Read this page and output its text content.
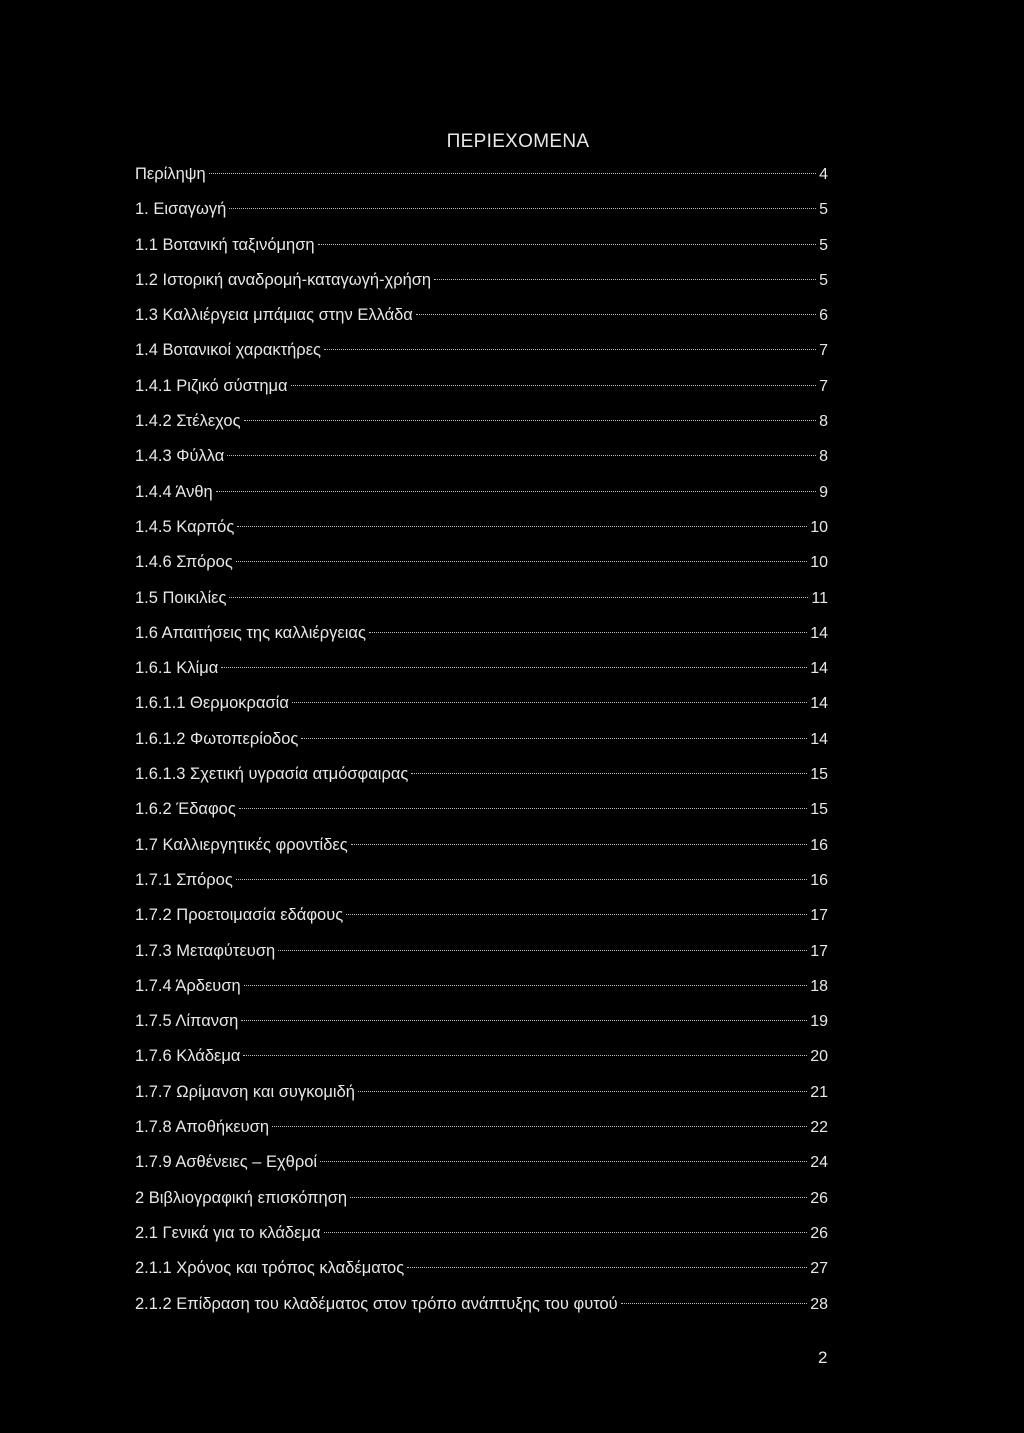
ΠΕΡΙΕΧΟΜΕΝΑ
Περίληψη	4
1. Εισαγωγή	5
1.1 Βοτανική ταξινόμηση	5
1.2 Ιστορική αναδρομή-καταγωγή-χρήση	5
1.3 Καλλιέργεια μπάμιας στην Ελλάδα	6
1.4 Βοτανικοί χαρακτήρες	7
1.4.1 Ριζικό σύστημα	7
1.4.2 Στέλεχος	8
1.4.3 Φύλλα	8
1.4.4 Άνθη	9
1.4.5 Καρπός	10
1.4.6 Σπόρος	10
1.5 Ποικιλίες	11
1.6 Απαιτήσεις της καλλιέργειας	14
1.6.1 Κλίμα	14
1.6.1.1 Θερμοκρασία	14
1.6.1.2 Φωτοπερίοδος	14
1.6.1.3 Σχετική υγρασία ατμόσφαιρας	15
1.6.2 Έδαφος	15
1.7 Καλλιεργητικές φροντίδες	16
1.7.1 Σπόρος	16
1.7.2 Προετοιμασία εδάφους	17
1.7.3 Μεταφύτευση	17
1.7.4 Άρδευση	18
1.7.5 Λίπανση	19
1.7.6 Κλάδεμα	20
1.7.7 Ωρίμανση και συγκομιδή	21
1.7.8 Αποθήκευση	22
1.7.9 Ασθένειες – Εχθροί	24
2 Βιβλιογραφική επισκόπηση	26
2.1 Γενικά για το κλάδεμα	26
2.1.1 Χρόνος και τρόπος κλαδέματος	27
2.1.2 Επίδραση του κλαδέματος στον τρόπο ανάπτυξης του φυτού	28
2
